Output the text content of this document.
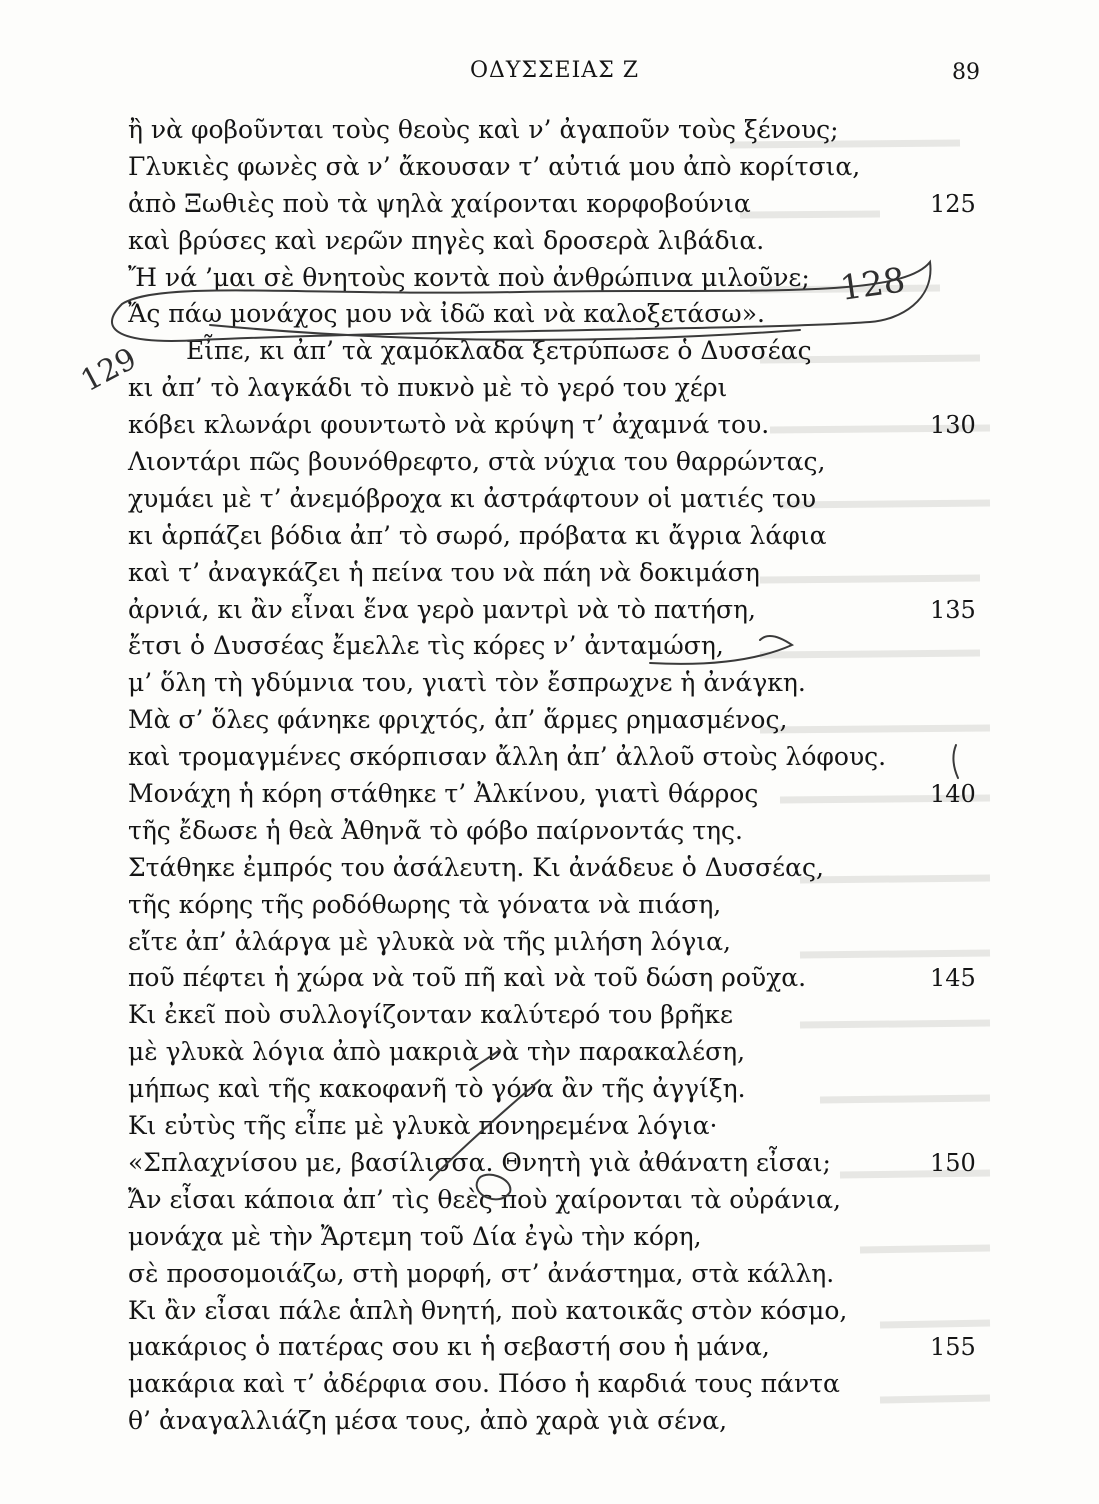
ΟΔΥΣΣΕΙΑΣ Ζ	89
ἢ νὰ φοβοῦνται τοὺς θεοὺς καὶ ν’ ἀγαποῦν τοὺς ξένους;
Γλυκιὲς φωνὲς σὰ ν’ ἄκουσαν τ’ αὐτιά μου ἀπὸ κορίτσια,
ἀπὸ Ξωθιὲς ποὺ τὰ ψηλὰ χαίρονται κορφοβούνια	125
καὶ βρύσες καὶ νερῶν πηγὲς καὶ δροσερὰ λιβάδια.
Ἤ νά ’μαι σὲ θνητοὺς κοντὰ ποὺ ἀνθρώπινα μιλοῦνε;
Ἄς πάω μονάχος μου νὰ ἰδῶ καὶ νὰ καλοξετάσω».
Εἶπε, κι ἀπ’ τὰ χαμόκλαδα ξετρύπωσε ὁ Δυσσέας
κι ἀπ’ τὸ λαγκάδι τὸ πυκνὸ μὲ τὸ γερό του χέρι
κόβει κλωνάρι φουντωτὸ νὰ κρύψη τ’ ἀχαμνά του.	130
Λιοντάρι πῶς βουνόθρεφτο, στὰ νύχια του θαρρώντας,
χυμάει μὲ τ’ ἀνεμόβροχα κι ἀστράφτουν οἱ ματιές του
κι ἁρπάζει βόδια ἀπ’ τὸ σωρό, πρόβατα κι ἄγρια λάφια
καὶ τ’ ἀναγκάζει ἡ πείνα του νὰ πάη νὰ δοκιμάση
ἀρνιά, κι ἂν εἶναι ἕνα γερὸ μαντρὶ νὰ τὸ πατήση,	135
ἔτσι ὁ Δυσσέας ἔμελλε τὶς κόρες ν’ ἀνταμώση,
μ’ ὅλη τὴ γδύμνια του, γιατὶ τὸν ἔσπρωχνε ἡ ἀνάγκη.
Μὰ σ’ ὅλες φάνηκε φριχτός, ἀπ’ ἅρμες ρημασμένος,
καὶ τρομαγμένες σκόρπισαν ἄλλη ἀπ’ ἀλλοῦ στοὺς λόφους.
Μονάχη ἡ κόρη στάθηκε τ’ Ἀλκίνου, γιατὶ θάρρος	140
τῆς ἔδωσε ἡ θεὰ Ἀθηνᾶ τὸ φόβο παίρνοντάς της.
Στάθηκε ἐμπρός του ἀσάλευτη. Κι ἀνάδευε ὁ Δυσσέας,
τῆς κόρης τῆς ροδόθωρης τὰ γόνατα νὰ πιάση,
εἴτε ἀπ’ ἀλάργα μὲ γλυκὰ νὰ τῆς μιλήση λόγια,
ποῦ πέφτει ἡ χώρα νὰ τοῦ πῆ καὶ νὰ τοῦ δώση ροῦχα.	145
Κι ἐκεῖ ποὺ συλλογίζονταν καλύτερό του βρῆκε
μὲ γλυκὰ λόγια ἀπὸ μακριὰ νὰ τὴν παρακαλέση,
μήπως καὶ τῆς κακοφανῆ τὸ γόνα ἂν τῆς ἀγγίξη.
Κι εὐτὺς τῆς εἶπε μὲ γλυκὰ πονηρεμένα λόγια·
«Σπλαχνίσου με, βασίλισσα. Θνητὴ γιὰ ἀθάνατη εἶσαι;	150
Ἄν εἶσαι κάποια ἀπ’ τὶς θεὲς ποὺ χαίρονται τὰ οὐράνια,
μονάχα μὲ τὴν Ἄρτεμη τοῦ Δία ἐγὼ τὴν κόρη,
σὲ προσομοιάζω, στὴ μορφή, στ’ ἀνάστημα, στὰ κάλλη.
Κι ἂν εἶσαι πάλε ἁπλὴ θνητή, ποὺ κατοικᾶς στὸν κόσμο,
μακάριος ὁ πατέρας σου κι ἡ σεβαστή σου ἡ μάνα,	155
μακάρια καὶ τ’ ἀδέρφια σου. Πόσο ἡ καρδιά τους πάντα
θ’ ἀναγαλλιάζη μέσα τους, ἀπὸ χαρὰ γιὰ σένα,
128
129
